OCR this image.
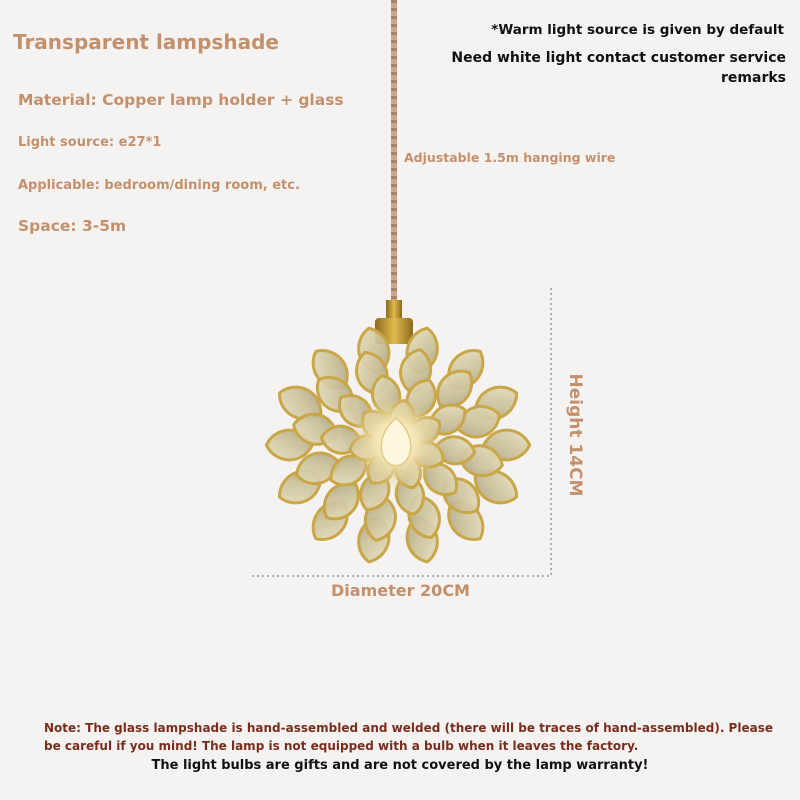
Transparent lampshade
Material: Copper lamp holder + glass
Light source: e27*1
Applicable: bedroom/dining room, etc.
Space: 3-5m
*Warm light source is given by default
Need white light contact customer service remarks
Adjustable 1.5m hanging wire
Height 14CM
Diameter 20CM
Note: The glass lampshade is hand-assembled and welded (there will be traces of hand-assembled). Please be careful if you mind! The lamp is not equipped with a bulb when it leaves the factory.
The light bulbs are gifts and are not covered by the lamp warranty!
